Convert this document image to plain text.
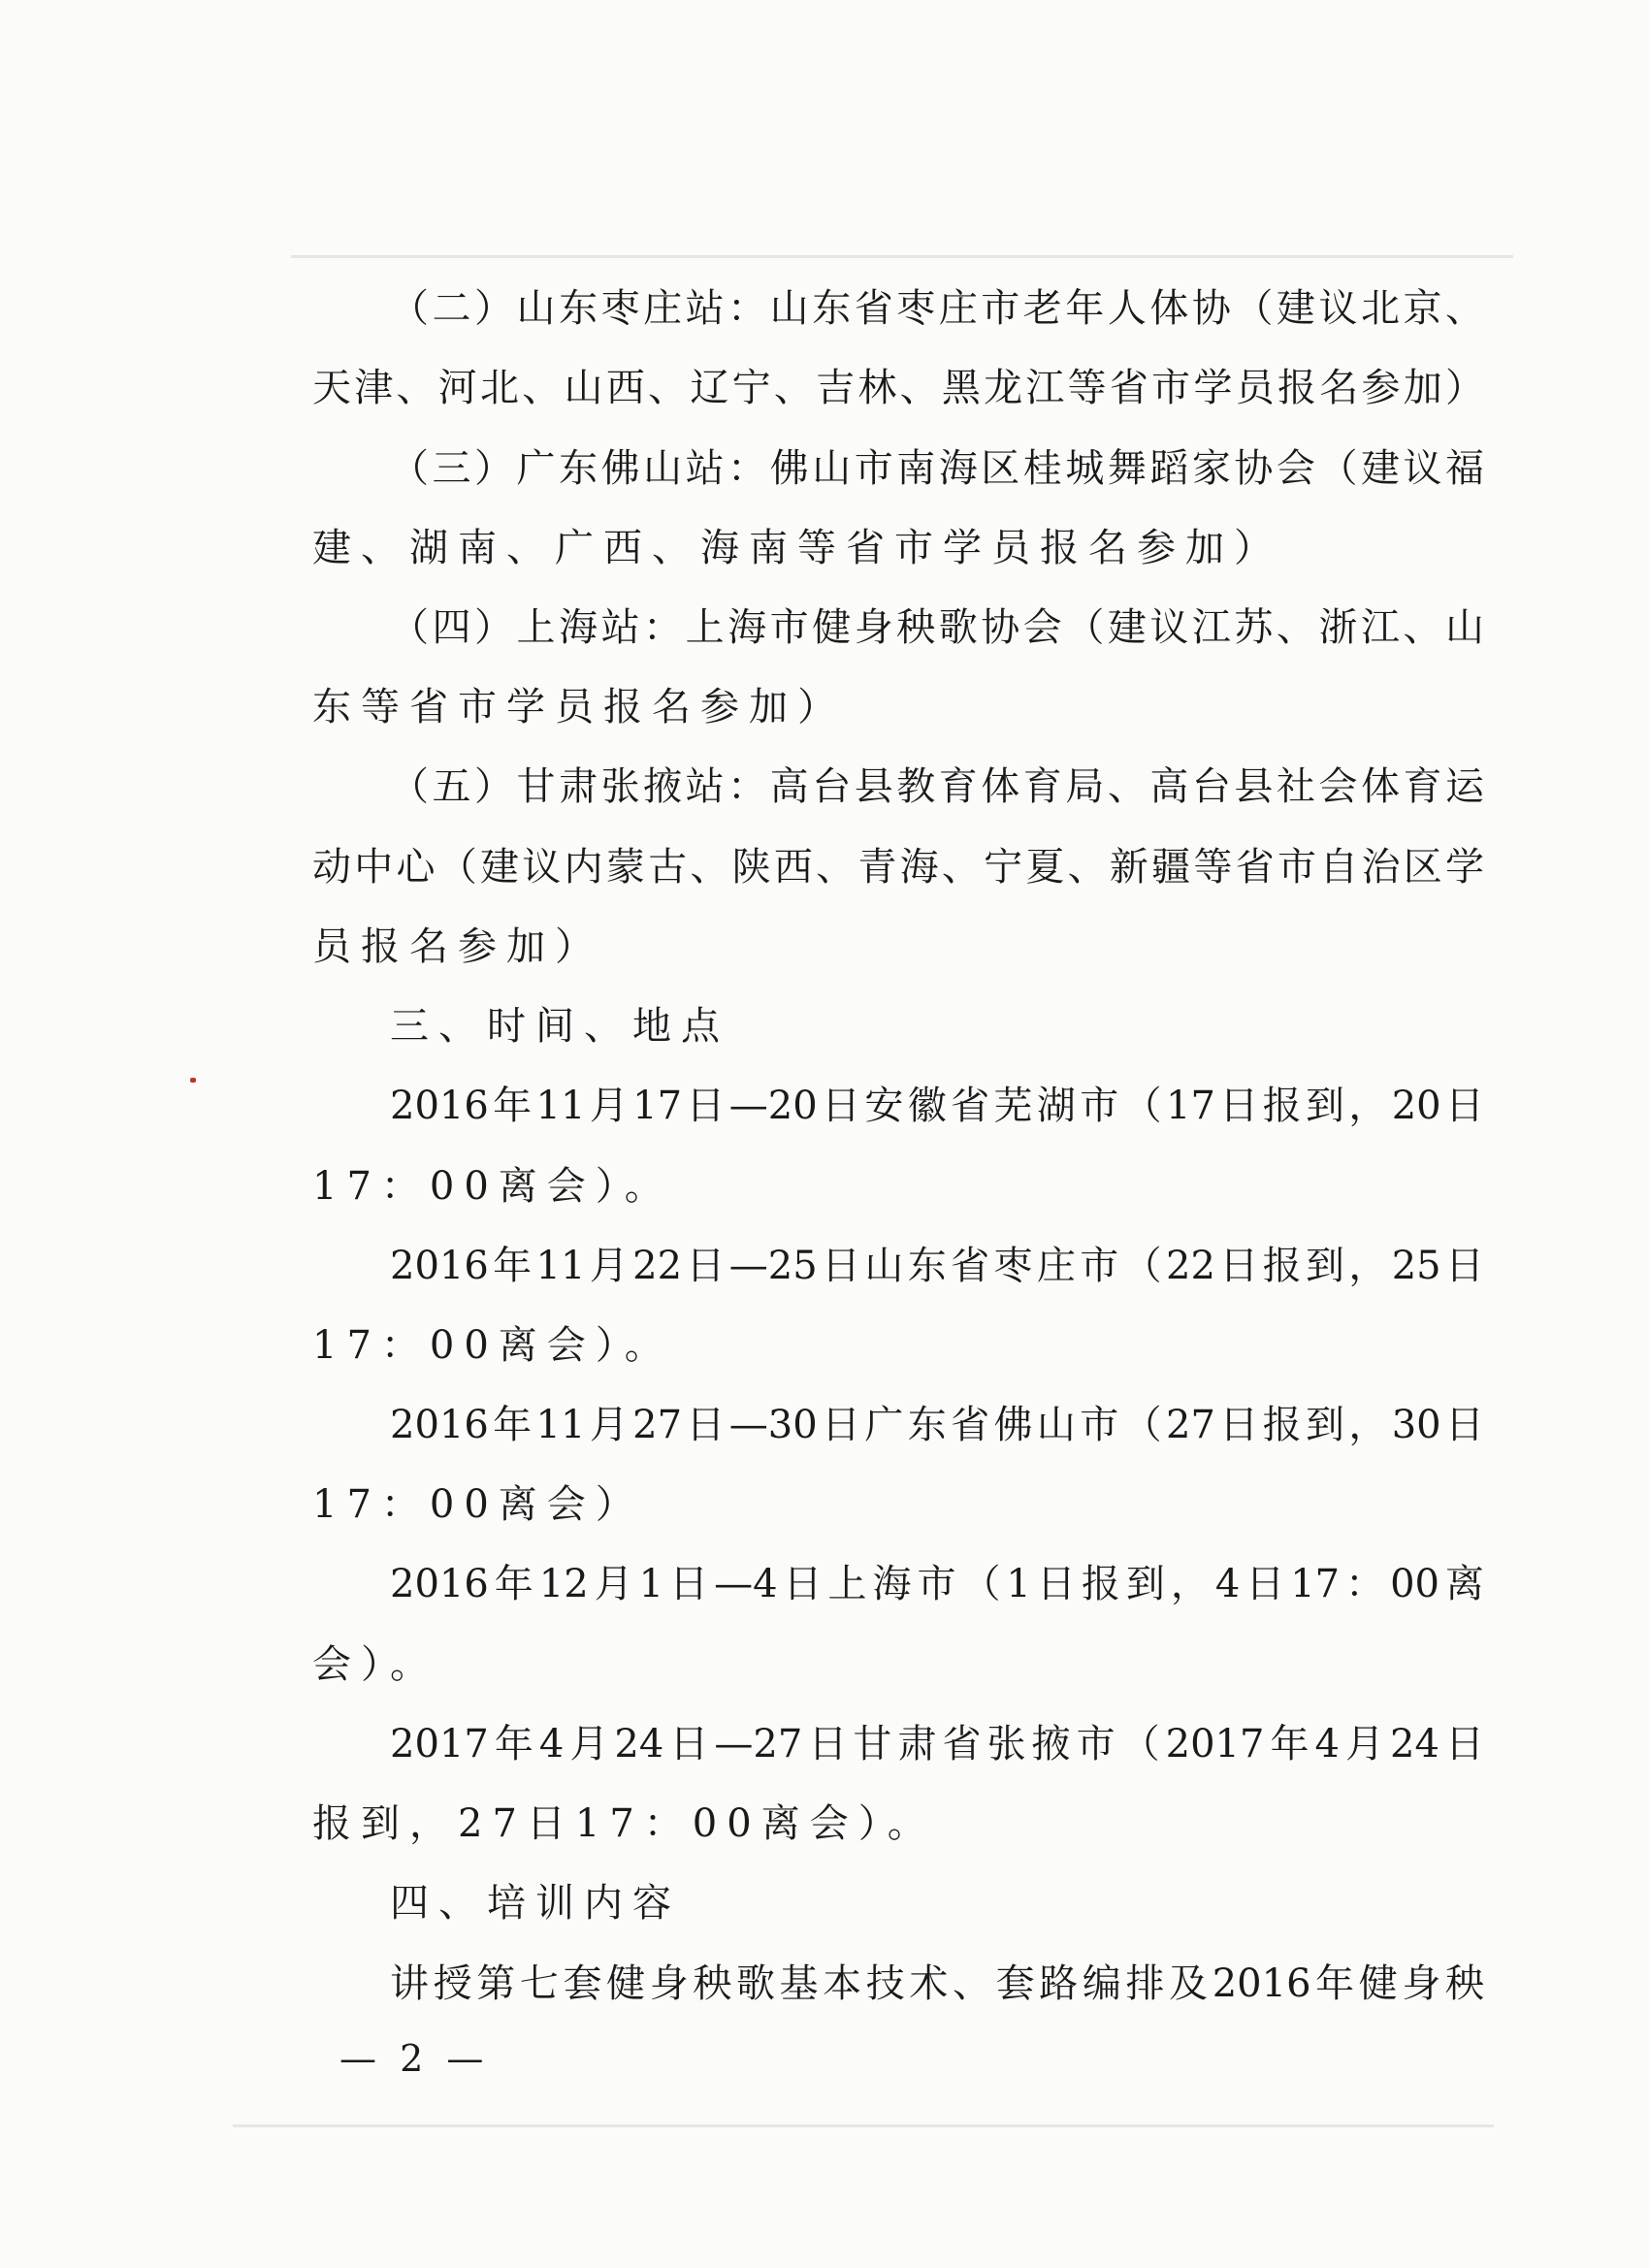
（二）山东枣庄站：山东省枣庄市老年人体协（建议北京、
天津、河北、山西、辽宁、吉林、黑龙江等省市学员报名参加）
（三）广东佛山站：佛山市南海区桂城舞蹈家协会（建议福
建、湖南、广西、海南等省市学员报名参加）
（四）上海站：上海市健身秧歌协会（建议江苏、浙江、山
东等省市学员报名参加）
（五）甘肃张掖站：高台县教育体育局、高台县社会体育运
动中心（建议内蒙古、陕西、青海、宁夏、新疆等省市自治区学
员报名参加）
三、时间、地点
2016年11月17日—20日安徽省芜湖市（17日报到，20日
17：00离会）。
2016年11月22日—25日山东省枣庄市（22日报到，25日
17：00离会）。
2016年11月27日—30日广东省佛山市（27日报到，30日
17：00离会）
2016年12月1日—4日上海市（1日报到，4日17：00离
会）。
2017年4月24日—27日甘肃省张掖市（2017年4月24日
报到，27日17：00离会）。
四、培训内容
讲授第七套健身秧歌基本技术、套路编排及2016年健身秧
— 2 —
